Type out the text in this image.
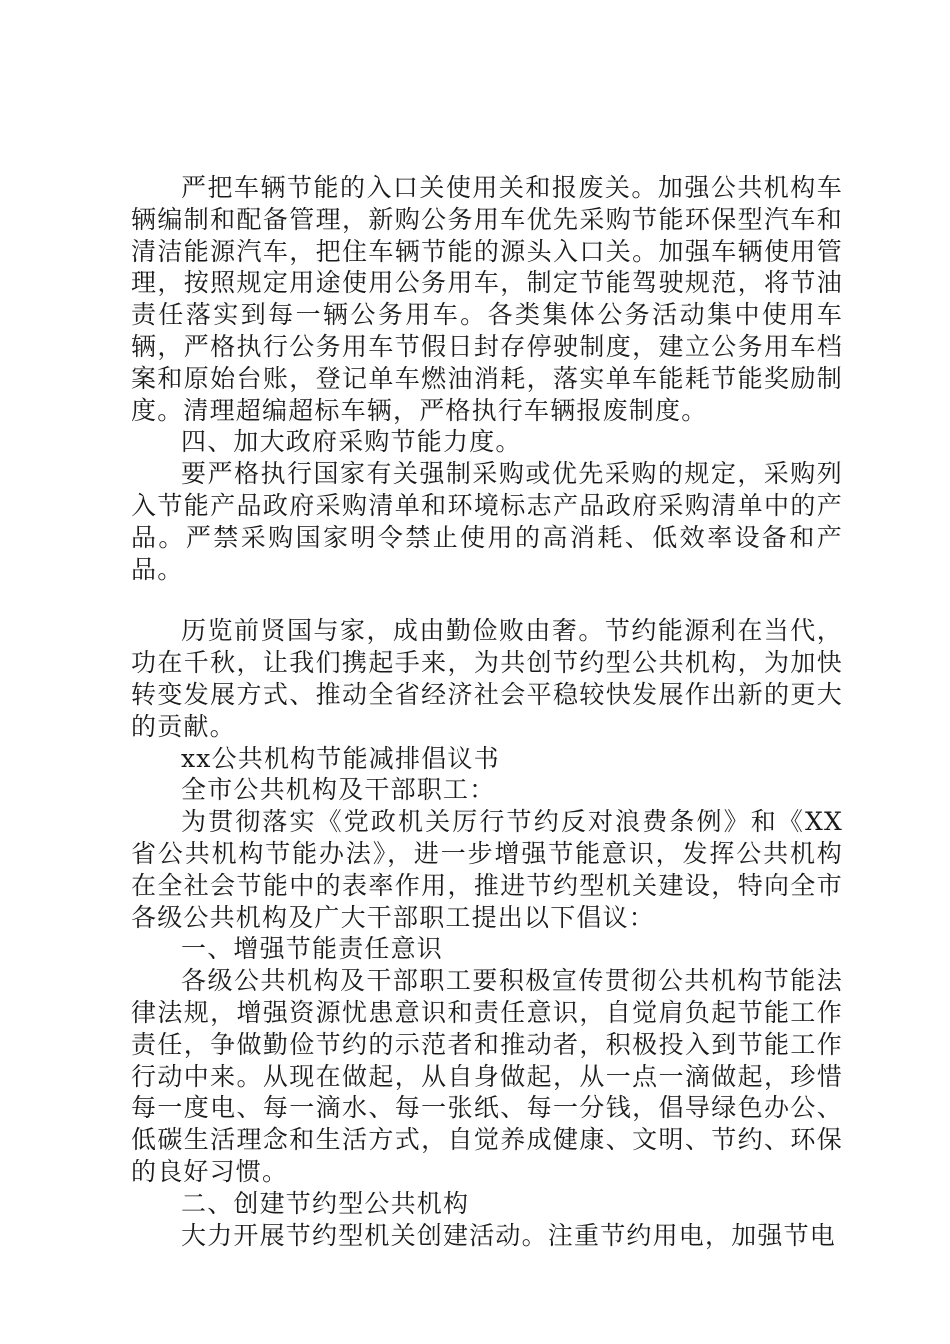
严把车辆节能的入口关使用关和报废关。加强公共机构车辆编制和配备管理，新购公务用车优先采购节能环保型汽车和清洁能源汽车，把住车辆节能的源头入口关。加强车辆使用管理，按照规定用途使用公务用车，制定节能驾驶规范，将节油责任落实到每一辆公务用车。各类集体公务活动集中使用车辆，严格执行公务用车节假日封存停驶制度，建立公务用车档案和原始台账，登记单车燃油消耗，落实单车能耗节能奖励制度。清理超编超标车辆，严格执行车辆报废制度。

四、加大政府采购节能力度。

要严格执行国家有关强制采购或优先采购的规定，采购列入节能产品政府采购清单和环境标志产品政府采购清单中的产品。严禁采购国家明令禁止使用的高消耗、低效率设备和产品。

历览前贤国与家，成由勤俭败由奢。节约能源利在当代，功在千秋，让我们携起手来，为共创节约型公共机构，为加快转变发展方式、推动全省经济社会平稳较快发展作出新的更大的贡献。

xx公共机构节能减排倡议书

全市公共机构及干部职工：

为贯彻落实《党政机关厉行节约反对浪费条例》和《XX省公共机构节能办法》，进一步增强节能意识，发挥公共机构在全社会节能中的表率作用，推进节约型机关建设，特向全市各级公共机构及广大干部职工提出以下倡议：

一、增强节能责任意识

各级公共机构及干部职工要积极宣传贯彻公共机构节能法律法规，增强资源忧患意识和责任意识，自觉肩负起节能工作责任，争做勤俭节约的示范者和推动者，积极投入到节能工作行动中来。从现在做起，从自身做起，从一点一滴做起，珍惜每一度电、每一滴水、每一张纸、每一分钱，倡导绿色办公、低碳生活理念和生活方式，自觉养成健康、文明、节约、环保的良好习惯。

二、创建节约型公共机构

大力开展节约型机关创建活动。注重节约用电，加强节电
